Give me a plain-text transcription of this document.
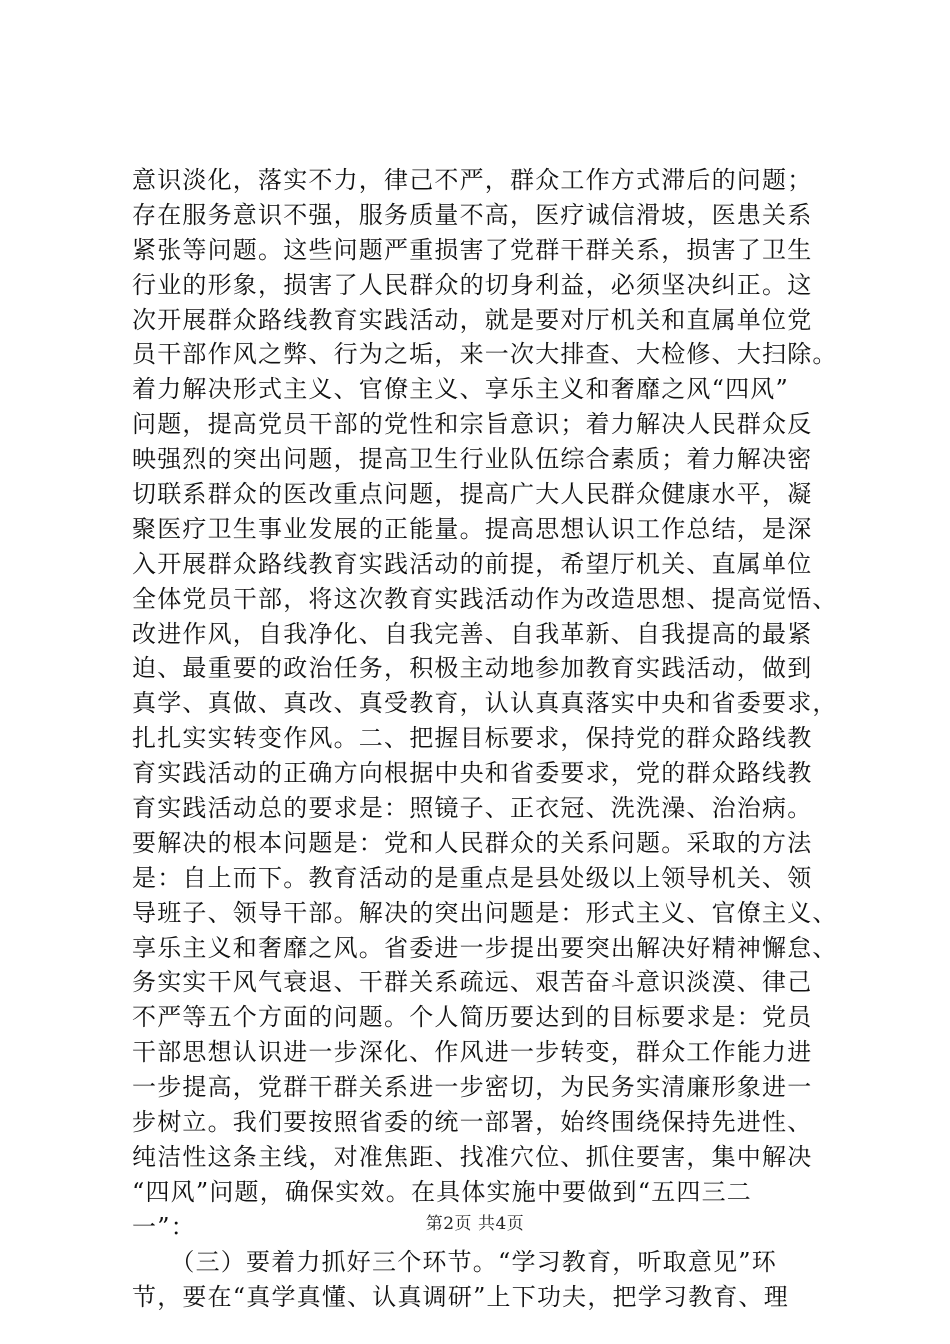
意识淡化，落实不力，律己不严，群众工作方式滞后的问题；
存在服务意识不强，服务质量不高，医疗诚信滑坡，医患关系
紧张等问题。这些问题严重损害了党群干群关系，损害了卫生
行业的形象，损害了人民群众的切身利益，必须坚决纠正。这
次开展群众路线教育实践活动，就是要对厅机关和直属单位党
员干部作风之弊、行为之垢，来一次大排查、大检修、大扫除。
着力解决形式主义、官僚主义、享乐主义和奢靡之风“四风”
问题，提高党员干部的党性和宗旨意识；着力解决人民群众反
映强烈的突出问题，提高卫生行业队伍综合素质；着力解决密
切联系群众的医改重点问题，提高广大人民群众健康水平，凝
聚医疗卫生事业发展的正能量。提高思想认识工作总结，是深
入开展群众路线教育实践活动的前提，希望厅机关、直属单位
全体党员干部，将这次教育实践活动作为改造思想、提高觉悟、
改进作风，自我净化、自我完善、自我革新、自我提高的最紧
迫、最重要的政治任务，积极主动地参加教育实践活动，做到
真学、真做、真改、真受教育，认认真真落实中央和省委要求，
扎扎实实转变作风。二、把握目标要求，保持党的群众路线教
育实践活动的正确方向根据中央和省委要求，党的群众路线教
育实践活动总的要求是：照镜子、正衣冠、洗洗澡、治治病。
要解决的根本问题是：党和人民群众的关系问题。采取的方法
是：自上而下。教育活动的是重点是县处级以上领导机关、领
导班子、领导干部。解决的突出问题是：形式主义、官僚主义、
享乐主义和奢靡之风。省委进一步提出要突出解决好精神懈怠、
务实实干风气衰退、干群关系疏远、艰苦奋斗意识淡漠、律己
不严等五个方面的问题。个人简历要达到的目标要求是：党员
干部思想认识进一步深化、作风进一步转变，群众工作能力进
一步提高，党群干群关系进一步密切，为民务实清廉形象进一
步树立。我们要按照省委的统一部署，始终围绕保持先进性、
纯洁性这条主线，对准焦距、找准穴位、抓住要害，集中解决
“四风”问题，确保实效。在具体实施中要做到“五四三二
一”：
　　（三）要着力抓好三个环节。“学习教育，听取意见”环
节，要在“真学真懂、认真调研”上下功夫，把学习教育、理
第2页 共4页
